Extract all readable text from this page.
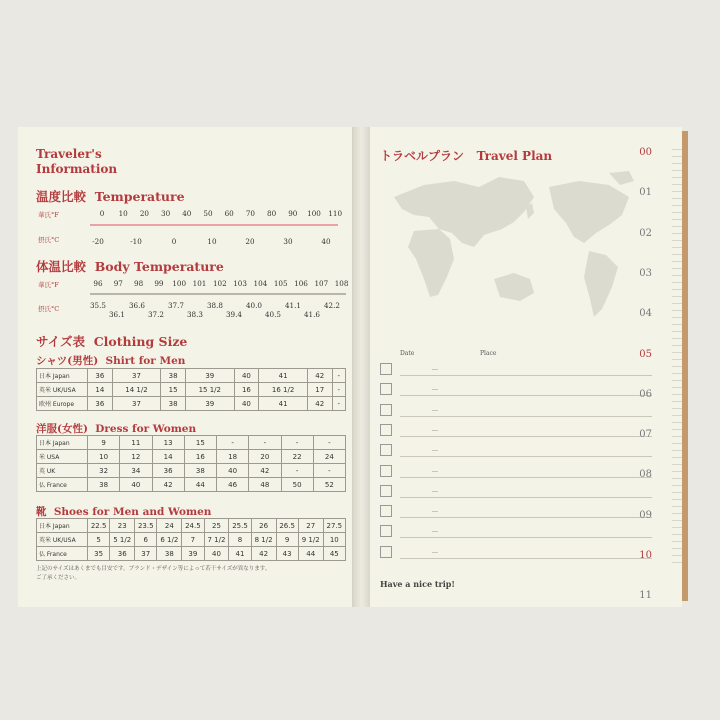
Traveler's
Information
温度比較 Temperature
華氏°F	0	10	20	30	40	50	60	70	80	90	100	110
摂氏°C	-20	-10	0	10	20	30	40
体温比較 Body Temperature
華氏°F	96	97	98	99	100 101 102 103 104 105 106 107 108
摂氏°C	35.5	36.6	37.7	38.8	40.0	41.1	42.2
36.1	37.2	38.3	39.4	40.5	41.6
サイズ表 Clothing Size
シャツ(男性) Shirt for Men
日本 Japan	36	37	38	39	40	41	42	-
英米 UK/USA	14	14 1/2	15	15 1/2	16	16 1/2	17	-
欧州 Europe	36	37	38	39	40	41	42	-
洋服(女性) Dress for Women
日本 Japan	9	11	13	15	-	-	-	-
米 USA	10	12	14	16	18	20	22	24
英 UK	32	34	36	38	40	42	-	-
仏 France	38	40	42	44	46	48	50	52
靴 Shoes for Men and Women
日本 Japan	22.5	23	23.5	24	24.5	25	25.5	26	26.5	27	27.5
英米 UK/USA	5	5 1/2	6	6 1/2	7	7 1/2	8	8 1/2	9	9 1/2	10
仏 France	35	36	37	38	39	40	41	42	43	44	45
上記のサイズはあくまでも目安です。ブランド・デザイン等によって若干サイズが異なります。
ご了承ください。
トラベルプラン Travel Plan
Date	Place
Have a nice trip!
00
01
02
03
04
05
06
07
08
09
10
11
